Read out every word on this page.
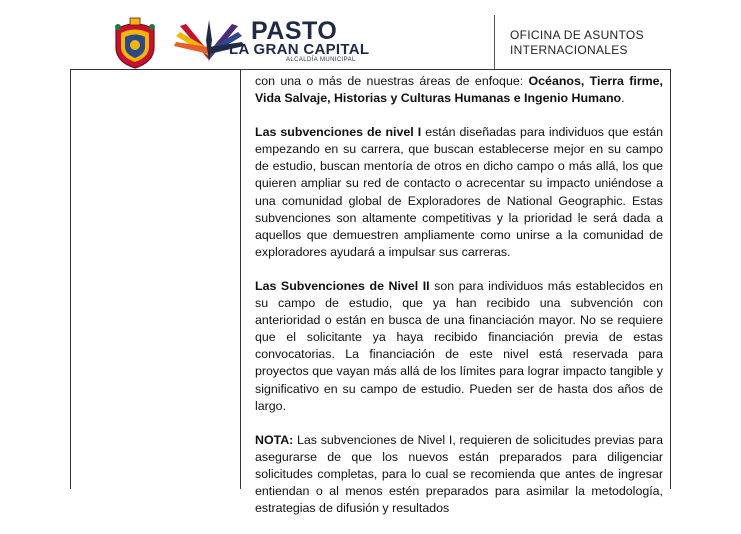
PASTO
LA GRAN CAPITAL
ALCALDÍA MUNICIPAL
OFICINA DE ASUNTOS
INTERNACIONALES

con una o más de nuestras áreas de enfoque: Océanos, Tierra firme, Vida Salvaje, Historias y Culturas Humanas e Ingenio Humano.

Las subvenciones de nivel I están diseñadas para individuos que están empezando en su carrera, que buscan establecerse mejor en su campo de estudio, buscan mentoría de otros en dicho campo o más allá, los que quieren ampliar su red de contacto o acrecentar su impacto uniéndose a una comunidad global de Exploradores de National Geographic. Estas subvenciones son altamente competitivas y la prioridad le será dada a aquellos que demuestren ampliamente como unirse a la comunidad de exploradores ayudará a impulsar sus carreras.

Las Subvenciones de Nivel II son para individuos más establecidos en su campo de estudio, que ya han recibido una subvención con anterioridad o están en busca de una financiación mayor. No se requiere que el solicitante ya haya recibido financiación previa de estas convocatorias. La financiación de este nivel está reservada para proyectos que vayan más allá de los límites para lograr impacto tangible y significativo en su campo de estudio. Pueden ser de hasta dos años de largo.

NOTA: Las subvenciones de Nivel I, requieren de solicitudes previas para asegurarse de que los nuevos están preparados para diligenciar solicitudes completas, para lo cual se recomienda que antes de ingresar entiendan o al menos estén preparados para asimilar la metodología, estrategias de difusión y resultados
